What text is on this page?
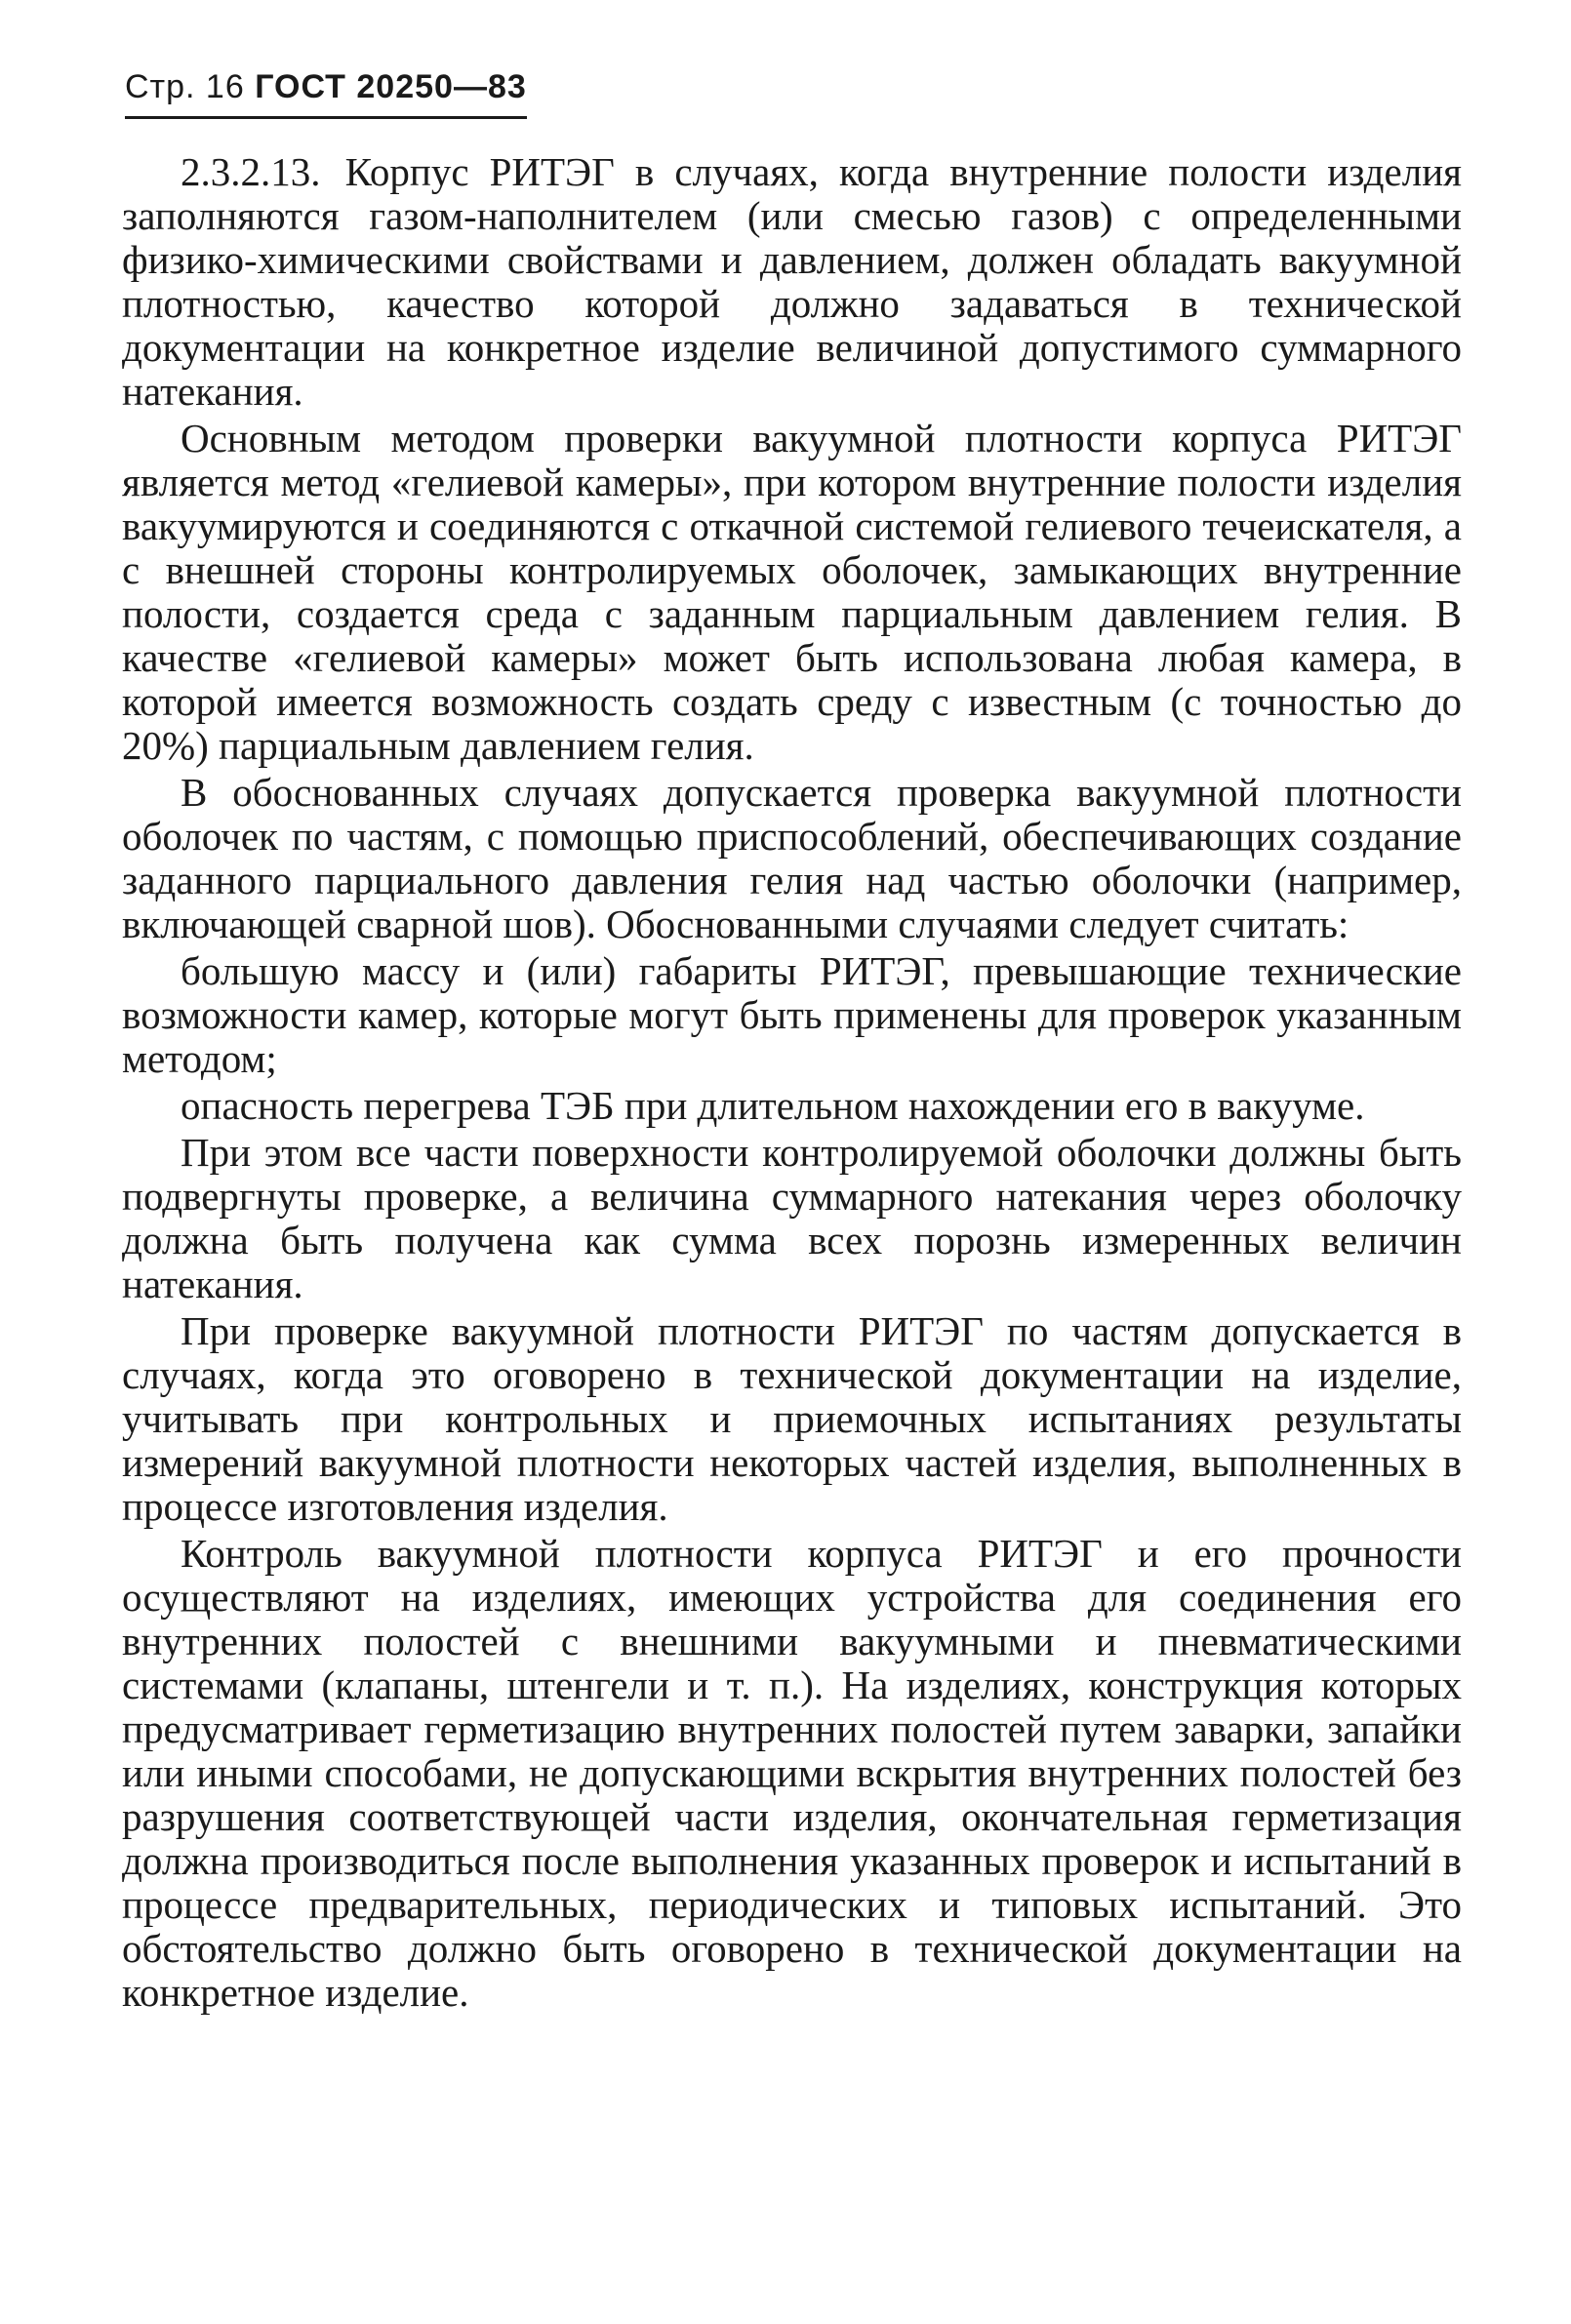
Стр. 16 ГОСТ 20250—83

2.3.2.13. Корпус РИТЭГ в случаях, когда внутренние полости изделия заполняются газом-наполнителем (или смесью газов) с определенными физико-химическими свойствами и давлением, должен обладать вакуумной плотностью, качество которой должно задаваться в технической документации на конкретное изделие величиной допустимого суммарного натекания.

Основным методом проверки вакуумной плотности корпуса РИТЭГ является метод «гелиевой камеры», при котором внутренние полости изделия вакуумируются и соединяются с откачной системой гелиевого течеискателя, а с внешней стороны контролируемых оболочек, замыкающих внутренние полости, создается среда с заданным парциальным давлением гелия. В качестве «гелиевой камеры» может быть использована любая камера, в которой имеется возможность создать среду с известным (с точностью до 20%) парциальным давлением гелия.

В обоснованных случаях допускается проверка вакуумной плотности оболочек по частям, с помощью приспособлений, обеспечивающих создание заданного парциального давления гелия над частью оболочки (например, включающей сварной шов). Обоснованными случаями следует считать:

большую массу и (или) габариты РИТЭГ, превышающие технические возможности камер, которые могут быть применены для проверок указанным методом;

опасность перегрева ТЭБ при длительном нахождении его в вакууме.

При этом все части поверхности контролируемой оболочки должны быть подвергнуты проверке, а величина суммарного натекания через оболочку должна быть получена как сумма всех порознь измеренных величин натекания.

При проверке вакуумной плотности РИТЭГ по частям допускается в случаях, когда это оговорено в технической документации на изделие, учитывать при контрольных и приемочных испытаниях результаты измерений вакуумной плотности некоторых частей изделия, выполненных в процессе изготовления изделия.

Контроль вакуумной плотности корпуса РИТЭГ и его прочности осуществляют на изделиях, имеющих устройства для соединения его внутренних полостей с внешними вакуумными и пневматическими системами (клапаны, штенгели и т. п.). На изделиях, конструкция которых предусматривает герметизацию внутренних полостей путем заварки, запайки или иными способами, не допускающими вскрытия внутренних полостей без разрушения соответствующей части изделия, окончательная герметизация должна производиться после выполнения указанных проверок и испытаний в процессе предварительных, периодических и типовых испытаний. Это обстоятельство должно быть оговорено в технической документации на конкретное изделие.
